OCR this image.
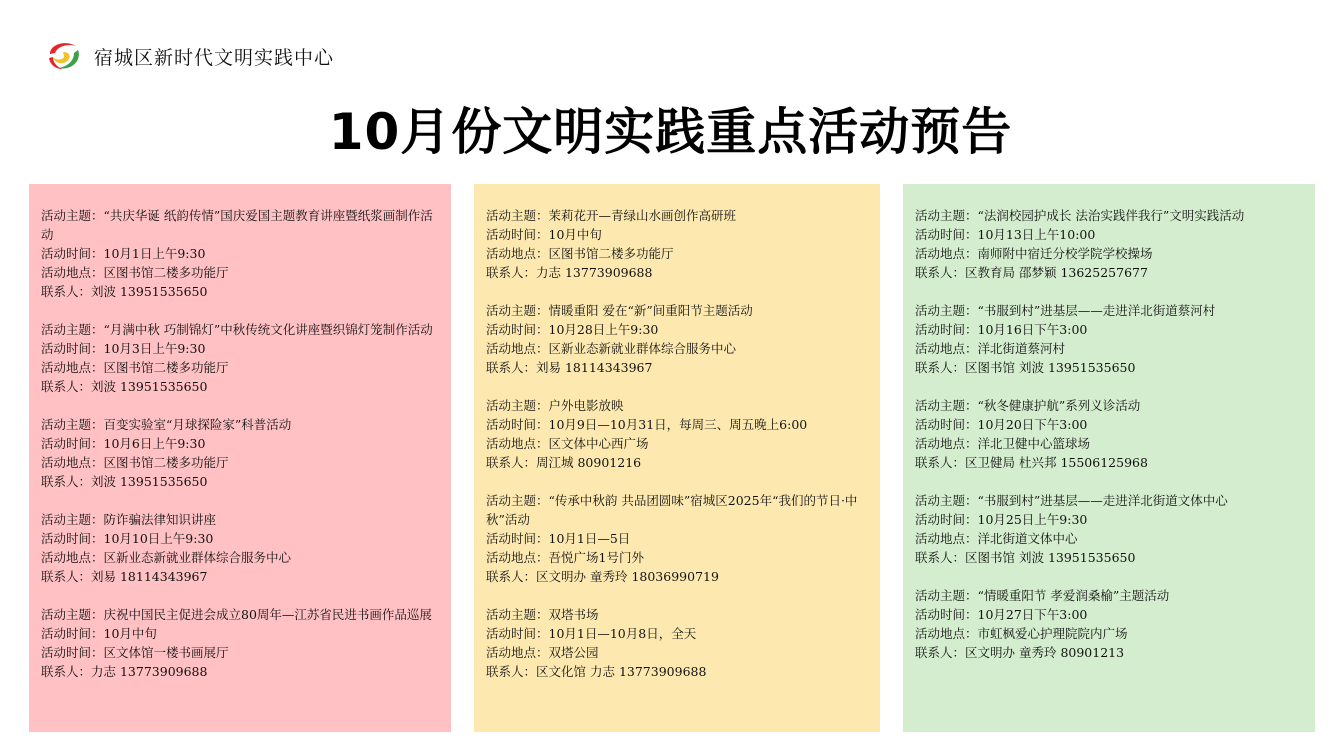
宿城区新时代文明实践中心
10月份文明实践重点活动预告
活动主题：“共庆华诞 纸韵传情”国庆爱国主题教育讲座暨纸浆画制作活动
活动时间：10月1日上午9:30
活动地点：区图书馆二楼多功能厅
联系人：刘波 13951535650
活动主题：“月满中秋 巧制锦灯”中秋传统文化讲座暨织锦灯笼制作活动
活动时间：10月3日上午9:30
活动地点：区图书馆二楼多功能厅
联系人：刘波 13951535650
活动主题：百变实验室“月球探险家”科普活动
活动时间：10月6日上午9:30
活动地点：区图书馆二楼多功能厅
联系人：刘波 13951535650
活动主题：防诈骗法律知识讲座
活动时间：10月10日上午9:30
活动地点：区新业态新就业群体综合服务中心
联系人：刘易 18114343967
活动主题：庆祝中国民主促进会成立80周年—江苏省民进书画作品巡展
活动时间：10月中旬
活动时间：区文体馆一楼书画展厅
联系人：力志 13773909688
活动主题：茉莉花开—青绿山水画创作高研班
活动时间：10月中旬
活动地点：区图书馆二楼多功能厅
联系人：力志 13773909688
活动主题：情暖重阳 爱在“新”间重阳节主题活动
活动时间：10月28日上午9:30
活动地点：区新业态新就业群体综合服务中心
联系人：刘易 18114343967
活动主题：户外电影放映
活动时间：10月9日—10月31日，每周三、周五晚上6:00
活动地点：区文体中心西广场
联系人：周江城 80901216
活动主题：“传承中秋韵 共品团圆味”宿城区2025年“我们的节日·中秋”活动
活动时间：10月1日—5日
活动地点：吾悦广场1号门外
联系人：区文明办 童秀玲 18036990719
活动主题：双塔书场
活动时间：10月1日—10月8日，全天
活动地点：双塔公园
联系人：区文化馆 力志 13773909688
活动主题：“法润校园护成长 法治实践伴我行”文明实践活动
活动时间：10月13日上午10:00
活动地点：南师附中宿迁分校学院学校操场
联系人：区教育局 邵梦颖 13625257677
活动主题：“书服到村”进基层——走进洋北街道蔡河村
活动时间：10月16日下午3:00
活动地点：洋北街道蔡河村
联系人：区图书馆 刘波 13951535650
活动主题：“秋冬健康护航”系列义诊活动
活动时间：10月20日下午3:00
活动地点：洋北卫健中心篮球场
联系人：区卫健局 杜兴邦 15506125968
活动主题：“书服到村”进基层——走进洋北街道文体中心
活动时间：10月25日上午9:30
活动地点：洋北街道文体中心
联系人：区图书馆 刘波 13951535650
活动主题：“情暖重阳节 孝爱润桑榆”主题活动
活动时间：10月27日下午3:00
活动地点：市虹枫爱心护理院院内广场
联系人：区文明办 童秀玲 80901213
